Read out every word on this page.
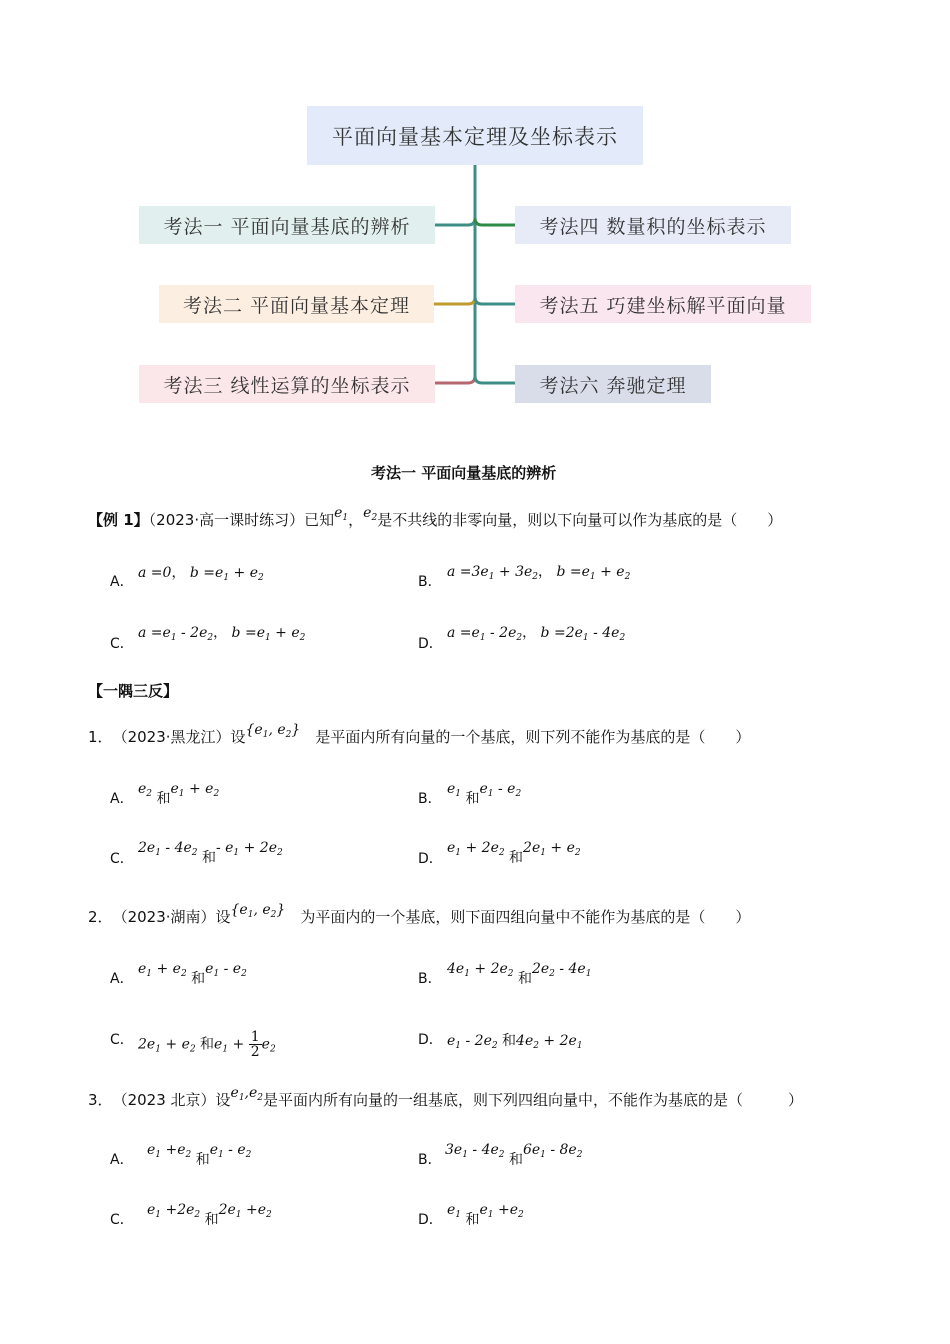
平面向量基本定理及坐标表示
考法一 平面向量基底的辨析
考法二 平面向量基本定理
考法三 线性运算的坐标表示
考法四 数量积的坐标表示
考法五 巧建坐标解平面向量
考法六 奔驰定理
考法一 平面向量基底的辨析
【例 1】（2023·高一课时练习）已知$e_1$，$e_2$是不共线的非零向量，则以下向量可以作为基底的是（　　）
A．
a =0， $b =e_1 + e_2$	B．
$a =3e_1 + 3e_2$， $b =e_1 + e_2$
C．
$a =e_1 - 2e_2$， $b =e_1 + e_2$	D．
$a =e_1 - 2e_2$， $b =2e_1 - 4e_2$
【一隅三反】
1．　 （2023·黑龙江）设{$e_1$, $e_2$}　 是平面内所有向量的一个基底，则下列不能作为基底的是（　　）
A．
$e_2$ 和$e_1 + e_2$	B．
$e_1$ 和$e_1 - e_2$
C．
$2e_1 - 4e_2$ 和- $e_1 + 2e_2$	D．
$e_1 + 2e_2$ 和$2e_1 + e_2$
2．　 （2023·湖南）设{$e_1$, $e_2$}　 为平面内的一个基底，则下面四组向量中不能作为基底的是（　　）
A．
$e_1 + e_2$ 和$e_1 - e_2$	B．
$4e_1 + 2e_2$ 和$2e_2 - 4e_1$
C． $2e_1 + e_2$ 和$e_1 + \frac{1}{2} e_2$
D． $e_1 - 2e_2$ 和$4e_2 + 2e_1$
3．　 （2023 北京）设$e_1,e_2$是平面内所有向量的一组基底，则下列四组向量中，不能作为基底的是（　　　）
A．
$e_1 +e_2$ 和$e_1 - e_2$	B．
$3e_1 - 4e_2$ 和$6e_1 - 8e_2$
C．
$e_1 +2e_2$ 和$2e_1 +e_2$	D．
$e_1$ 和$e_1 +e_2$
